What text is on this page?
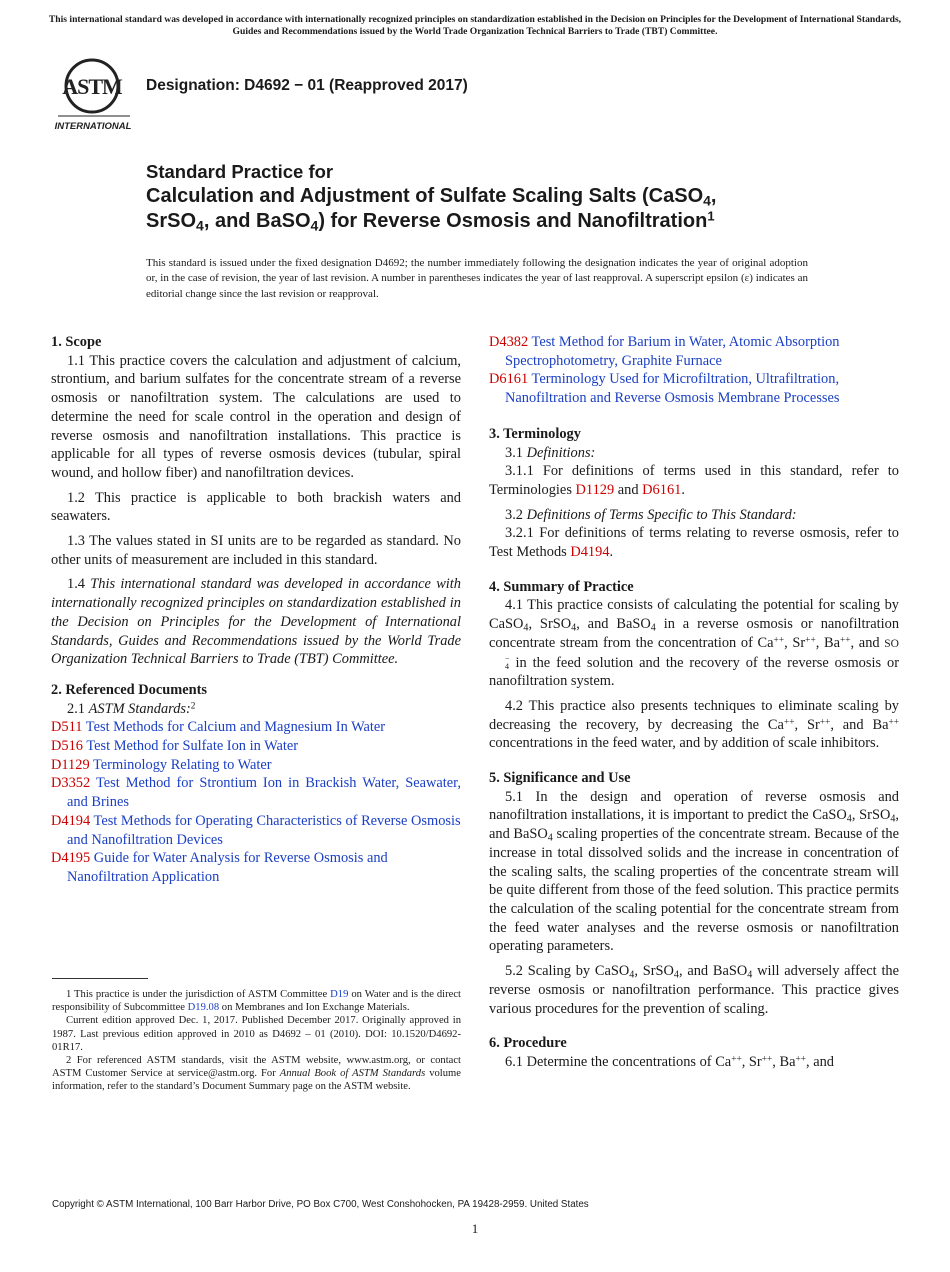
This international standard was developed in accordance with internationally recognized principles on standardization established in the Decision on Principles for the Development of International Standards, Guides and Recommendations issued by the World Trade Organization Technical Barriers to Trade (TBT) Committee.
ASTM
INTERNATIONAL
Designation: D4692 − 01 (Reapproved 2017)
Standard Practice for
Calculation and Adjustment of Sulfate Scaling Salts (CaSO$_4$,
SrSO$_4$, and BaSO$_4$) for Reverse Osmosis and Nanofiltration$^1$
This standard is issued under the fixed designation D4692; the number immediately following the designation indicates the year of original adoption or, in the case of revision, the year of last revision. A number in parentheses indicates the year of last reapproval. A superscript epsilon (ε) indicates an editorial change since the last revision or reapproval.

1. Scope

1.1 This practice covers the calculation and adjustment of calcium, strontium, and barium sulfates for the concentrate stream of a reverse osmosis or nanofiltration system. The calculations are used to determine the need for scale control in the operation and design of reverse osmosis and nanofiltration installations. This practice is applicable for all types of reverse osmosis devices (tubular, spiral wound, and hollow fiber) and nanofiltration devices.

1.2 This practice is applicable to both brackish waters and seawaters.

1.3 The values stated in SI units are to be regarded as standard. No other units of measurement are included in this standard.

1.4 This international standard was developed in accordance with internationally recognized principles on standardization established in the Decision on Principles for the Development of International Standards, Guides and Recommendations issued by the World Trade Organization Technical Barriers to Trade (TBT) Committee.

2. Referenced Documents

2.1 ASTM Standards:$^2$

D511 Test Methods for Calcium and Magnesium In Water

D516 Test Method for Sulfate Ion in Water

D1129 Terminology Relating to Water

D3352 Test Method for Strontium Ion in Brackish Water, Seawater, and Brines

D4194 Test Methods for Operating Characteristics of Reverse Osmosis and Nanofiltration Devices

D4195 Guide for Water Analysis for Reverse Osmosis and Nanofiltration Application

1 This practice is under the jurisdiction of ASTM Committee D19 on Water and is the direct responsibility of Subcommittee D19.08 on Membranes and Ion Exchange Materials.

Current edition approved Dec. 1, 2017. Published December 2017. Originally approved in 1987. Last previous edition approved in 2010 as D4692 – 01 (2010). DOI: 10.1520/D4692-01R17.

2 For referenced ASTM standards, visit the ASTM website, www.astm.org, or contact ASTM Customer Service at service@astm.org. For Annual Book of ASTM Standards volume information, refer to the standard’s Document Summary page on the ASTM website.

D4382 Test Method for Barium in Water, Atomic Absorption Spectrophotometry, Graphite Furnace

D6161 Terminology Used for Microfiltration, Ultrafiltration, Nanofiltration and Reverse Osmosis Membrane Processes

3. Terminology

3.1 Definitions:

3.1.1 For definitions of terms used in this standard, refer to Terminologies D1129 and D6161.

3.2 Definitions of Terms Specific to This Standard:

3.2.1 For definitions of terms relating to reverse osmosis, refer to Test Methods D4194.

4. Summary of Practice

4.1 This practice consists of calculating the potential for scaling by CaSO$_4$, SrSO$_4$, and BaSO$_4$ in a reverse osmosis or nanofiltration concentrate stream from the concentration of Ca++, Sr++, Ba++, and SO
−
4 in the feed solution and the recovery of the reverse osmosis or nanofiltration system.

4.2 This practice also presents techniques to eliminate scaling by decreasing the recovery, by decreasing the Ca++, Sr++, and Ba++ concentrations in the feed water, and by addition of scale inhibitors.

5. Significance and Use

5.1 In the design and operation of reverse osmosis and nanofiltration installations, it is important to predict the CaSO$_4$, SrSO$_4$, and BaSO$_4$ scaling properties of the concentrate stream. Because of the increase in total dissolved solids and the increase in concentration of the scaling salts, the scaling properties of the concentrate stream will be quite different from those of the feed solution. This practice permits the calculation of the scaling potential for the concentrate stream from the feed water analyses and the reverse osmosis or nanofiltration operating parameters.

5.2 Scaling by CaSO$_4$, SrSO$_4$, and BaSO$_4$ will adversely affect the reverse osmosis or nanofiltration performance. This practice gives various procedures for the prevention of scaling.

6. Procedure

6.1 Determine the concentrations of Ca++, Sr++, Ba++, and

Copyright © ASTM International, 100 Barr Harbor Drive, PO Box C700, West Conshohocken, PA 19428-2959. United States
1
